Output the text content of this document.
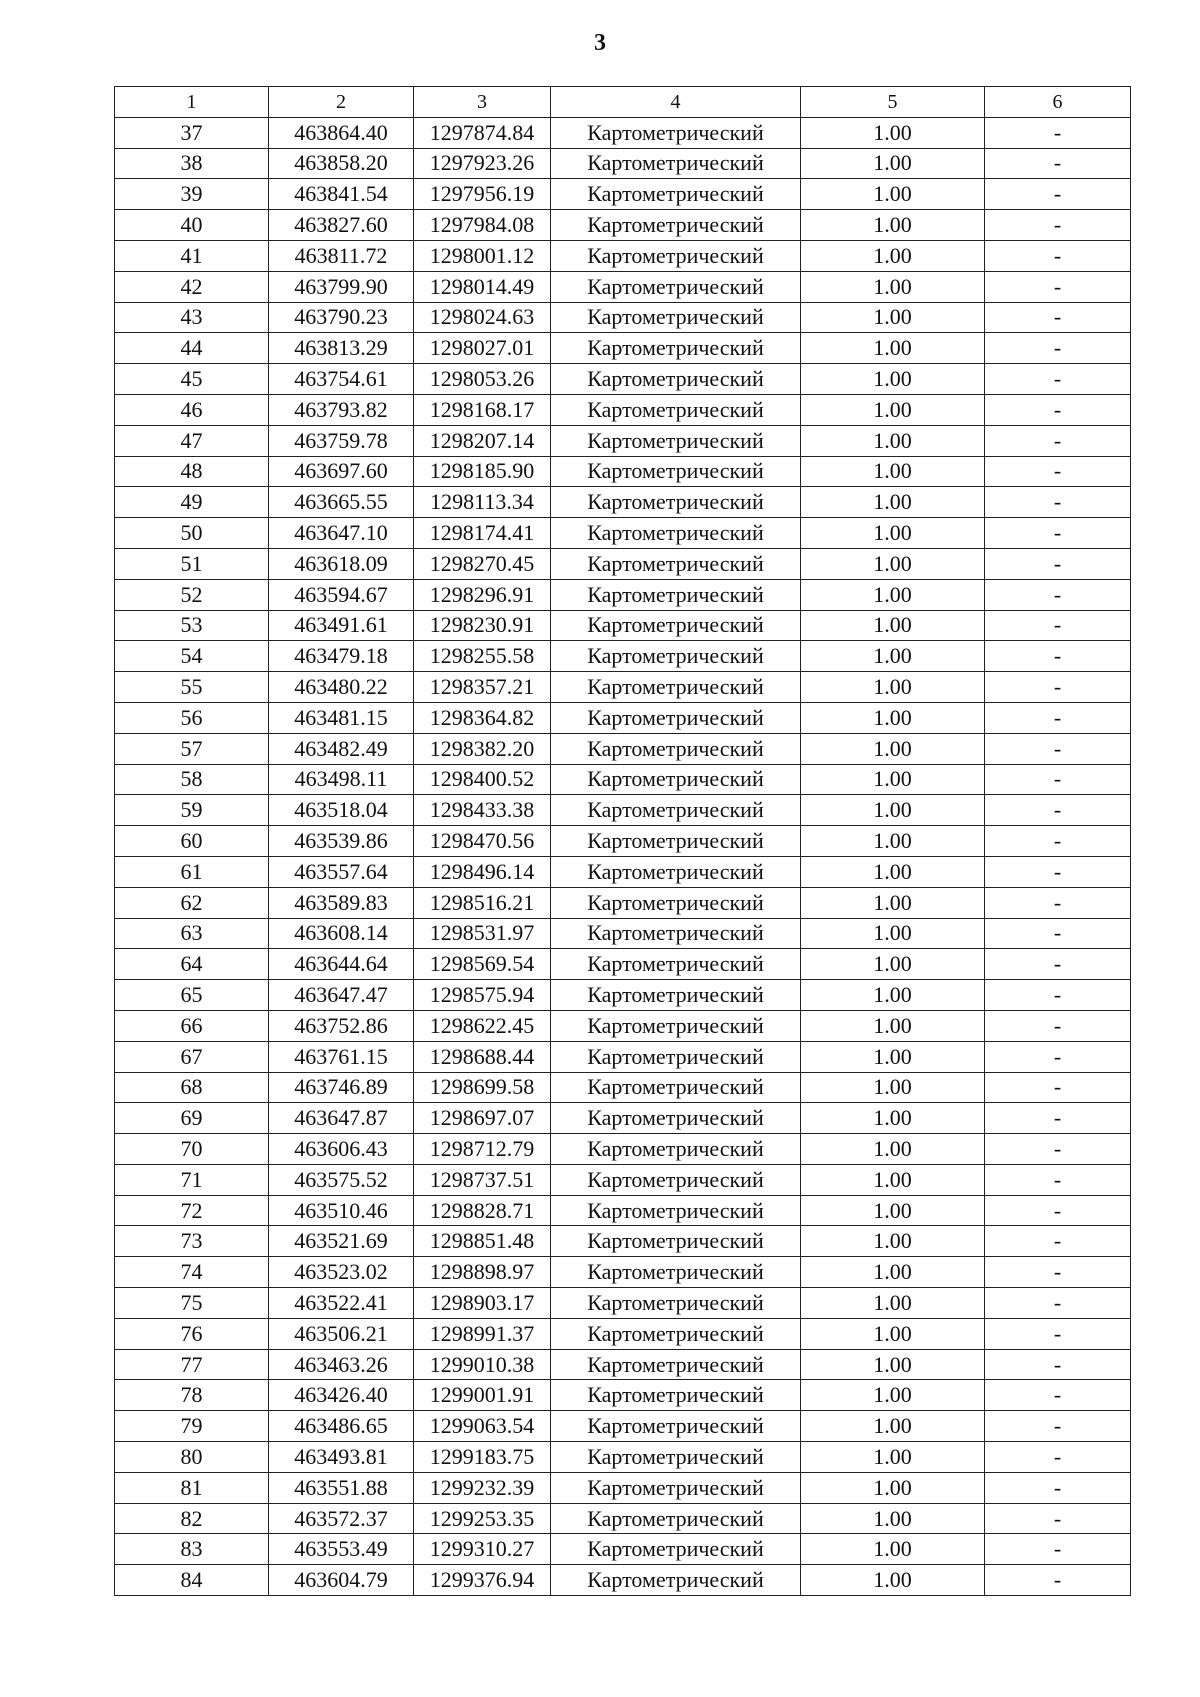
3
1	2	3	4	5	6
37	463864.40	1297874.84	Картометрический	1.00	-
38	463858.20	1297923.26	Картометрический	1.00	-
39	463841.54	1297956.19	Картометрический	1.00	-
40	463827.60	1297984.08	Картометрический	1.00	-
41	463811.72	1298001.12	Картометрический	1.00	-
42	463799.90	1298014.49	Картометрический	1.00	-
43	463790.23	1298024.63	Картометрический	1.00	-
44	463813.29	1298027.01	Картометрический	1.00	-
45	463754.61	1298053.26	Картометрический	1.00	-
46	463793.82	1298168.17	Картометрический	1.00	-
47	463759.78	1298207.14	Картометрический	1.00	-
48	463697.60	1298185.90	Картометрический	1.00	-
49	463665.55	1298113.34	Картометрический	1.00	-
50	463647.10	1298174.41	Картометрический	1.00	-
51	463618.09	1298270.45	Картометрический	1.00	-
52	463594.67	1298296.91	Картометрический	1.00	-
53	463491.61	1298230.91	Картометрический	1.00	-
54	463479.18	1298255.58	Картометрический	1.00	-
55	463480.22	1298357.21	Картометрический	1.00	-
56	463481.15	1298364.82	Картометрический	1.00	-
57	463482.49	1298382.20	Картометрический	1.00	-
58	463498.11	1298400.52	Картометрический	1.00	-
59	463518.04	1298433.38	Картометрический	1.00	-
60	463539.86	1298470.56	Картометрический	1.00	-
61	463557.64	1298496.14	Картометрический	1.00	-
62	463589.83	1298516.21	Картометрический	1.00	-
63	463608.14	1298531.97	Картометрический	1.00	-
64	463644.64	1298569.54	Картометрический	1.00	-
65	463647.47	1298575.94	Картометрический	1.00	-
66	463752.86	1298622.45	Картометрический	1.00	-
67	463761.15	1298688.44	Картометрический	1.00	-
68	463746.89	1298699.58	Картометрический	1.00	-
69	463647.87	1298697.07	Картометрический	1.00	-
70	463606.43	1298712.79	Картометрический	1.00	-
71	463575.52	1298737.51	Картометрический	1.00	-
72	463510.46	1298828.71	Картометрический	1.00	-
73	463521.69	1298851.48	Картометрический	1.00	-
74	463523.02	1298898.97	Картометрический	1.00	-
75	463522.41	1298903.17	Картометрический	1.00	-
76	463506.21	1298991.37	Картометрический	1.00	-
77	463463.26	1299010.38	Картометрический	1.00	-
78	463426.40	1299001.91	Картометрический	1.00	-
79	463486.65	1299063.54	Картометрический	1.00	-
80	463493.81	1299183.75	Картометрический	1.00	-
81	463551.88	1299232.39	Картометрический	1.00	-
82	463572.37	1299253.35	Картометрический	1.00	-
83	463553.49	1299310.27	Картометрический	1.00	-
84	463604.79	1299376.94	Картометрический	1.00	-
